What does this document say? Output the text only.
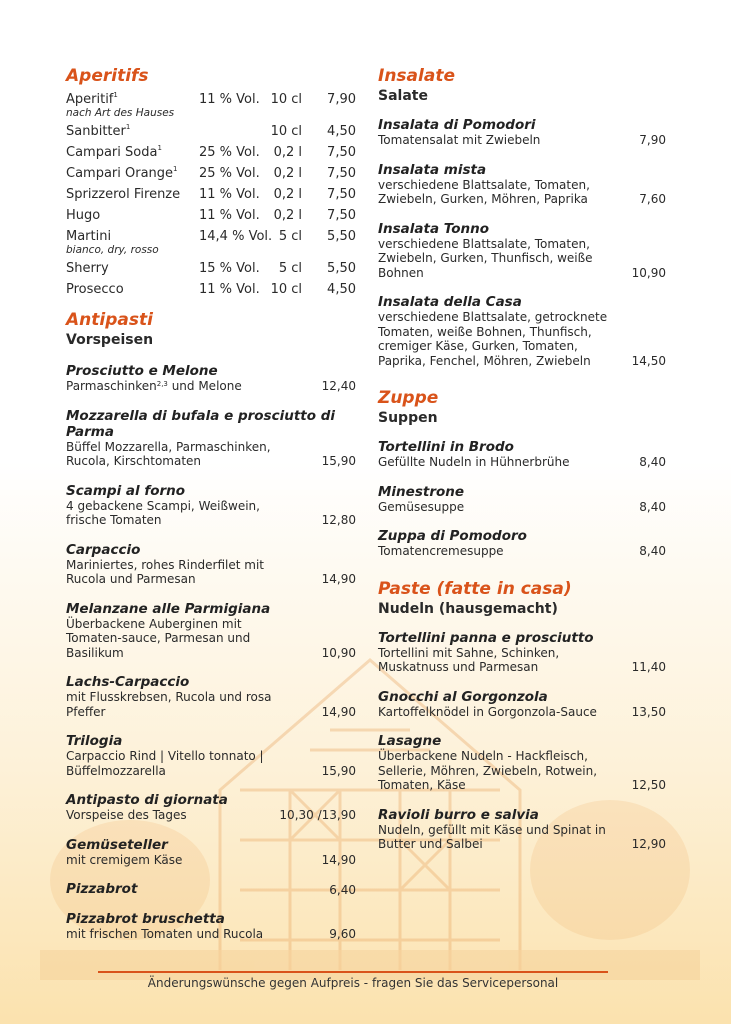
Aperitifs
Aperitif$^1$	11 % Vol. 10 cl 7,90
nach Art des Hauses
Sanbitter$^1$	10 cl 4,50
Campari Soda$^1$	25 % Vol. 0,2 l 7,50
Campari Orange$^1$ 25 % Vol. 0,2 l 7,50
Sprizzerol Firenze 11 % Vol. 0,2 l 7,50
Hugo	11 % Vol. 0,2 l 7,50
Martini	14,4 % Vol. 5 cl 5,50
bianco, dry, rosso
Sherry	15 % Vol. 5 cl 5,50
Prosecco	11 % Vol. 10 cl 4,50
Antipasti
Vorspeisen
Prosciutto e Melone
Parmaschinken$^{2,3}$ und Melone	12,40
Mozzarella di bufala e prosciutto di Parma
Büffel Mozzarella, Parmaschinken, Rucola, Kirschtomaten	15,90
Scampi al forno
4 gebackene Scampi, Weißwein, frische Tomaten	12,80
Carpaccio
Mariniertes, rohes Rinderfilet mit Rucola und Parmesan	14,90
Melanzane alle Parmigiana
Überbackene Auberginen mit Tomaten-sauce, Parmesan und Basilikum	10,90
Lachs-Carpaccio
mit Flusskrebsen, Rucola und rosa Pfeffer	14,90
Trilogia
Carpaccio Rind | Vitello tonnato | Büffelmozzarella	15,90
Antipasto di giornata
Vorspeise des Tages	10,30 /13,90
Gemüseteller
mit cremigem Käse	14,90
Pizzabrot	6,40
Pizzabrot bruschetta
mit frischen Tomaten und Rucola	9,60
Insalate
Salate
Insalata di Pomodori
Tomatensalat mit Zwiebeln	7,90
Insalata mista
verschiedene Blattsalate, Tomaten, Zwiebeln, Gurken, Möhren, Paprika	7,60
Insalata Tonno
verschiedene Blattsalate, Tomaten, Zwiebeln, Gurken, Thunfisch, weiße Bohnen	10,90
Insalata della Casa
verschiedene Blattsalate, getrocknete Tomaten, weiße Bohnen, Thunfisch, cremiger Käse, Gurken, Tomaten, Paprika, Fenchel, Möhren, Zwiebeln	14,50
Zuppe
Suppen
Tortellini in Brodo
Gefüllte Nudeln in Hühnerbrühe	8,40
Minestrone
Gemüsesuppe	8,40
Zuppa di Pomodoro
Tomatencremesuppe	8,40
Paste (fatte in casa)
Nudeln (hausgemacht)
Tortellini panna e prosciutto
Tortellini mit Sahne, Schinken, Muskatnuss und Parmesan	11,40
Gnocchi al Gorgonzola
Kartoffelknödel in Gorgonzola-Sauce	13,50
Lasagne
Überbackene Nudeln - Hackfleisch, Sellerie, Möhren, Zwiebeln, Rotwein, Tomaten, Käse	12,50
Ravioli burro e salvia
Nudeln, gefüllt mit Käse und Spinat in Butter und Salbei	12,90
Änderungswünsche gegen Aufpreis - fragen Sie das Servicepersonal
